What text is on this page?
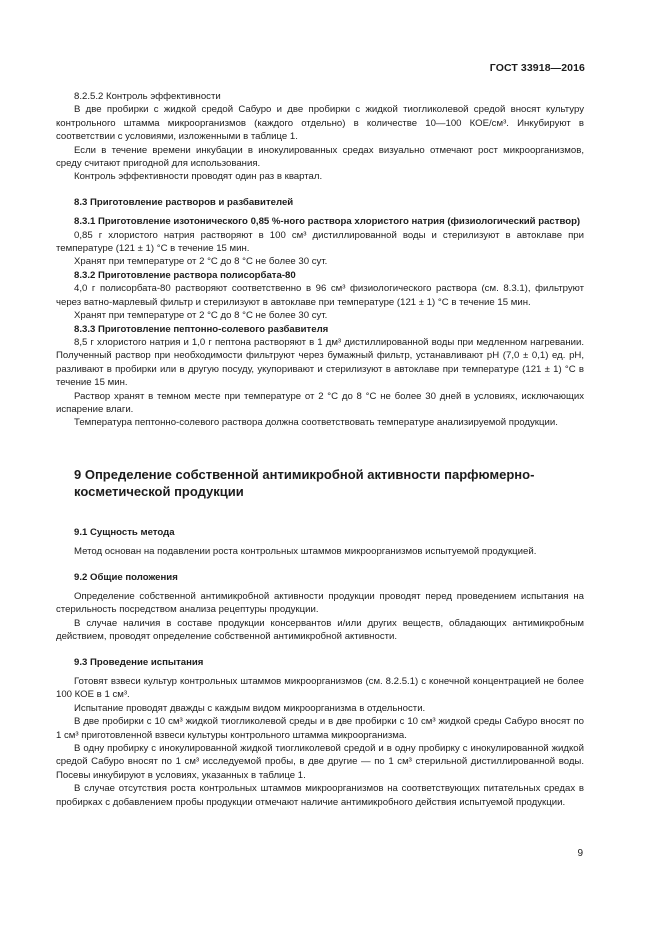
ГОСТ 33918—2016

8.2.5.2 Контроль эффективности

В две пробирки с жидкой средой Сабуро и две пробирки с жидкой тиогликолевой средой вносят культуру контрольного штамма микроорганизмов (каждого отдельно) в количестве 10—100 КОЕ/см³. Инкубируют в соответствии с условиями, изложенными в таблице 1.

Если в течение времени инкубации в инокулированных средах визуально отмечают рост микроорганизмов, среду считают пригодной для использования.

Контроль эффективности проводят один раз в квартал.

8.3 Приготовление растворов и разбавителей

8.3.1 Приготовление изотонического 0,85 %-ного раствора хлористого натрия (физиологический раствор)

0,85 г хлористого натрия растворяют в 100 см³ дистиллированной воды и стерилизуют в автоклаве при температуре (121 ± 1) °С в течение 15 мин.

Хранят при температуре от 2 °С до 8 °С не более 30 сут.

8.3.2 Приготовление раствора полисорбата-80

4,0 г полисорбата-80 растворяют соответственно в 96 см³ физиологического раствора (см. 8.3.1), фильтруют через ватно-марлевый фильтр и стерилизуют в автоклаве при температуре (121 ± 1) °С в течение 15 мин.

Хранят при температуре от 2 °С до 8 °С не более 30 сут.

8.3.3 Приготовление пептонно-солевого разбавителя

8,5 г хлористого натрия и 1,0 г пептона растворяют в 1 дм³ дистиллированной воды при медленном нагревании. Полученный раствор при необходимости фильтруют через бумажный фильтр, устанавливают рН (7,0 ± 0,1) ед. рН, разливают в пробирки или в другую посуду, укупоривают и стерилизуют в автоклаве при температуре (121 ± 1) °С в течение 15 мин.

Раствор хранят в темном месте при температуре от 2 °С до 8 °С не более 30 дней в условиях, исключающих испарение влаги.

Температура пептонно-солевого раствора должна соответствовать температуре анализируемой продукции.

9 Определение собственной антимикробной активности парфюмерно-косметической продукции

9.1 Сущность метода

Метод основан на подавлении роста контрольных штаммов микроорганизмов испытуемой продукцией.

9.2 Общие положения

Определение собственной антимикробной активности продукции проводят перед проведением испытания на стерильность посредством анализа рецептуры продукции.

В случае наличия в составе продукции консервантов и/или других веществ, обладающих антимикробным действием, проводят определение собственной антимикробной активности.

9.3 Проведение испытания

Готовят взвеси культур контрольных штаммов микроорганизмов (см. 8.2.5.1) с конечной концентрацией не более 100 КОЕ в 1 см³.

Испытание проводят дважды с каждым видом микроорганизма в отдельности.

В две пробирки с 10 см³ жидкой тиогликолевой среды и в две пробирки с 10 см³ жидкой среды Сабуро вносят по 1 см³ приготовленной взвеси культуры контрольного штамма микроорганизма.

В одну пробирку с инокулированной жидкой тиогликолевой средой и в одну пробирку с инокулированной жидкой средой Сабуро вносят по 1 см³ исследуемой пробы, в две другие — по 1 см³ стерильной дистиллированной воды. Посевы инкубируют в условиях, указанных в таблице 1.

В случае отсутствия роста контрольных штаммов микроорганизмов на соответствующих питательных средах в пробирках с добавлением пробы продукции отмечают наличие антимикробного действия испытуемой продукции.

9
